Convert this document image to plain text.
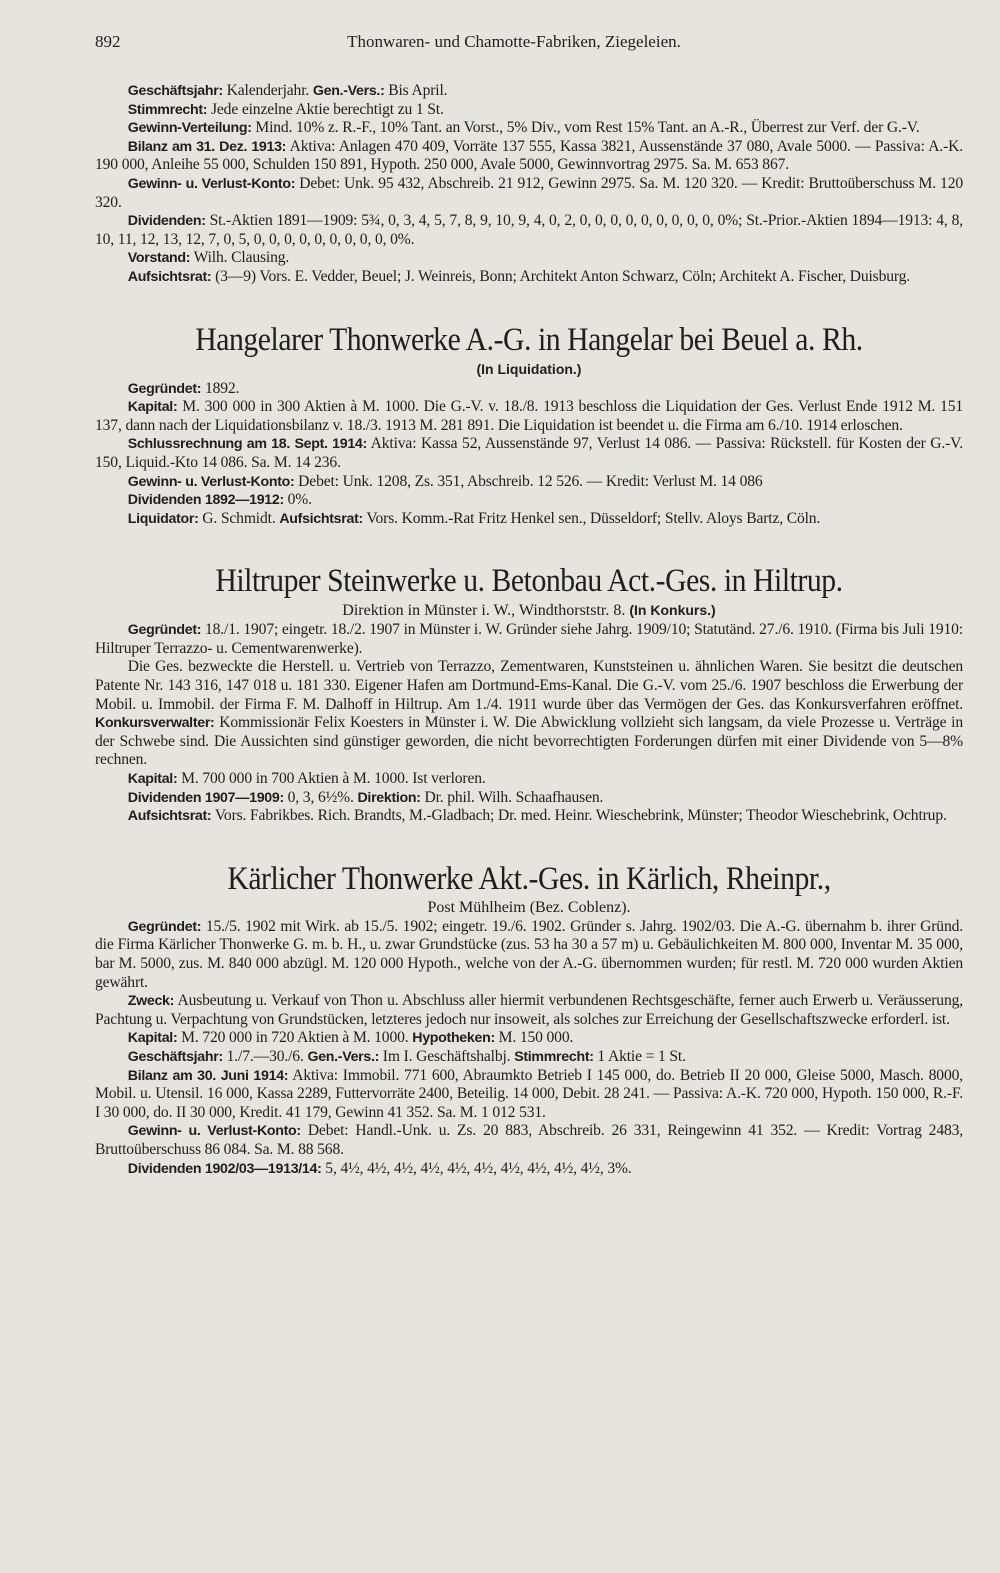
892	Thonwaren- und Chamotte-Fabriken, Ziegeleien.
Geschäftsjahr: Kalenderjahr. Gen.-Vers.: Bis April.
Stimmrecht: Jede einzelne Aktie berechtigt zu 1 St.
Gewinn-Verteilung: Mind. 10% z. R.-F., 10% Tant. an Vorst., 5% Div., vom Rest 15% Tant. an A.-R., Überrest zur Verf. der G.-V.
Bilanz am 31. Dez. 1913: Aktiva: Anlagen 470 409, Vorräte 137 555, Kassa 3821, Aussenstände 37 080, Avale 5000. — Passiva: A.-K. 190 000, Anleihe 55 000, Schulden 150 891, Hypoth. 250 000, Avale 5000, Gewinnvortrag 2975. Sa. M. 653 867.
Gewinn- u. Verlust-Konto: Debet: Unk. 95 432, Abschreib. 21 912, Gewinn 2975. Sa. M. 120 320. — Kredit: Bruttoüberschuss M. 120 320.
Dividenden: St.-Aktien 1891—1909: 5¾, 0, 3, 4, 5, 7, 8, 9, 10, 9, 4, 0, 2, 0, 0, 0, 0, 0, 0, 0, 0, 0, 0%; St.-Prior.-Aktien 1894—1913: 4, 8, 10, 11, 12, 13, 12, 7, 0, 5, 0, 0, 0, 0, 0, 0, 0, 0, 0, 0%.
Vorstand: Wilh. Clausing.
Aufsichtsrat: (3—9) Vors. E. Vedder, Beuel; J. Weinreis, Bonn; Architekt Anton Schwarz, Cöln; Architekt A. Fischer, Duisburg.
Hangelarer Thonwerke A.-G. in Hangelar bei Beuel a. Rh.
(In Liquidation.)
Gegründet: 1892.
Kapital: M. 300 000 in 300 Aktien à M. 1000. Die G.-V. v. 18./8. 1913 beschloss die Liquidation der Ges. Verlust Ende 1912 M. 151 137, dann nach der Liquidationsbilanz v. 18./3. 1913 M. 281 891. Die Liquidation ist beendet u. die Firma am 6./10. 1914 erloschen.
Schlussrechnung am 18. Sept. 1914: Aktiva: Kassa 52, Aussenstände 97, Verlust 14 086. — Passiva: Rückstell. für Kosten der G.-V. 150, Liquid.-Kto 14 086. Sa. M. 14 236.
Gewinn- u. Verlust-Konto: Debet: Unk. 1208, Zs. 351, Abschreib. 12 526. — Kredit: Verlust M. 14 086
Dividenden 1892—1912: 0%.
Liquidator: G. Schmidt. Aufsichtsrat: Vors. Komm.-Rat Fritz Henkel sen., Düsseldorf; Stellv. Aloys Bartz, Cöln.
Hiltruper Steinwerke u. Betonbau Act.-Ges. in Hiltrup.
Direktion in Münster i. W., Windthorststr. 8. (In Konkurs.)
Gegründet: 18./1. 1907; eingetr. 18./2. 1907 in Münster i. W. Gründer siehe Jahrg. 1909/10; Statutänd. 27./6. 1910. (Firma bis Juli 1910: Hiltruper Terrazzo- u. Cementwarenwerke).
Die Ges. bezweckte die Herstell. u. Vertrieb von Terrazzo, Zementwaren, Kunststeinen u. ähnlichen Waren. Sie besitzt die deutschen Patente Nr. 143 316, 147 018 u. 181 330. Eigener Hafen am Dortmund-Ems-Kanal. Die G.-V. vom 25./6. 1907 beschloss die Erwerbung der Mobil. u. Immobil. der Firma F. M. Dalhoff in Hiltrup. Am 1./4. 1911 wurde über das Vermögen der Ges. das Konkursverfahren eröffnet. Konkursverwalter: Kommissionär Felix Koesters in Münster i. W. Die Abwicklung vollzieht sich langsam, da viele Prozesse u. Verträge in der Schwebe sind. Die Aussichten sind günstiger geworden, die nicht bevorrechtigten Forderungen dürfen mit einer Dividende von 5—8% rechnen.
Kapital: M. 700 000 in 700 Aktien à M. 1000. Ist verloren.
Dividenden 1907—1909: 0, 3, 6½%. Direktion: Dr. phil. Wilh. Schaafhausen.
Aufsichtsrat: Vors. Fabrikbes. Rich. Brandts, M.-Gladbach; Dr. med. Heinr. Wieschebrink, Münster; Theodor Wieschebrink, Ochtrup.
Kärlicher Thonwerke Akt.-Ges. in Kärlich, Rheinpr.,
Post Mühlheim (Bez. Coblenz).
Gegründet: 15./5. 1902 mit Wirk. ab 15./5. 1902; eingetr. 19./6. 1902. Gründer s. Jahrg. 1902/03. Die A.-G. übernahm b. ihrer Gründ. die Firma Kärlicher Thonwerke G. m. b. H., u. zwar Grundstücke (zus. 53 ha 30 a 57 m) u. Gebäulichkeiten M. 800 000, Inventar M. 35 000, bar M. 5000, zus. M. 840 000 abzügl. M. 120 000 Hypoth., welche von der A.-G. übernommen wurden; für restl. M. 720 000 wurden Aktien gewährt.
Zweck: Ausbeutung u. Verkauf von Thon u. Abschluss aller hiermit verbundenen Rechtsgeschäfte, ferner auch Erwerb u. Veräusserung, Pachtung u. Verpachtung von Grundstücken, letzteres jedoch nur insoweit, als solches zur Erreichung der Gesellschaftszwecke erforderl. ist.
Kapital: M. 720 000 in 720 Aktien à M. 1000. Hypotheken: M. 150 000.
Geschäftsjahr: 1./7.—30./6. Gen.-Vers.: Im I. Geschäftshalbj. Stimmrecht: 1 Aktie = 1 St.
Bilanz am 30. Juni 1914: Aktiva: Immobil. 771 600, Abraumkto Betrieb I 145 000, do. Betrieb II 20 000, Gleise 5000, Masch. 8000, Mobil. u. Utensil. 16 000, Kassa 2289, Futtervorräte 2400, Beteilig. 14 000, Debit. 28 241. — Passiva: A.-K. 720 000, Hypoth. 150 000, R.-F. I 30 000, do. II 30 000, Kredit. 41 179, Gewinn 41 352. Sa. M. 1 012 531.
Gewinn- u. Verlust-Konto: Debet: Handl.-Unk. u. Zs. 20 883, Abschreib. 26 331, Reingewinn 41 352. — Kredit: Vortrag 2483, Bruttoüberschuss 86 084. Sa. M. 88 568.
Dividenden 1902/03—1913/14: 5, 4½, 4½, 4½, 4½, 4½, 4½, 4½, 4½, 4½, 4½, 3%.
